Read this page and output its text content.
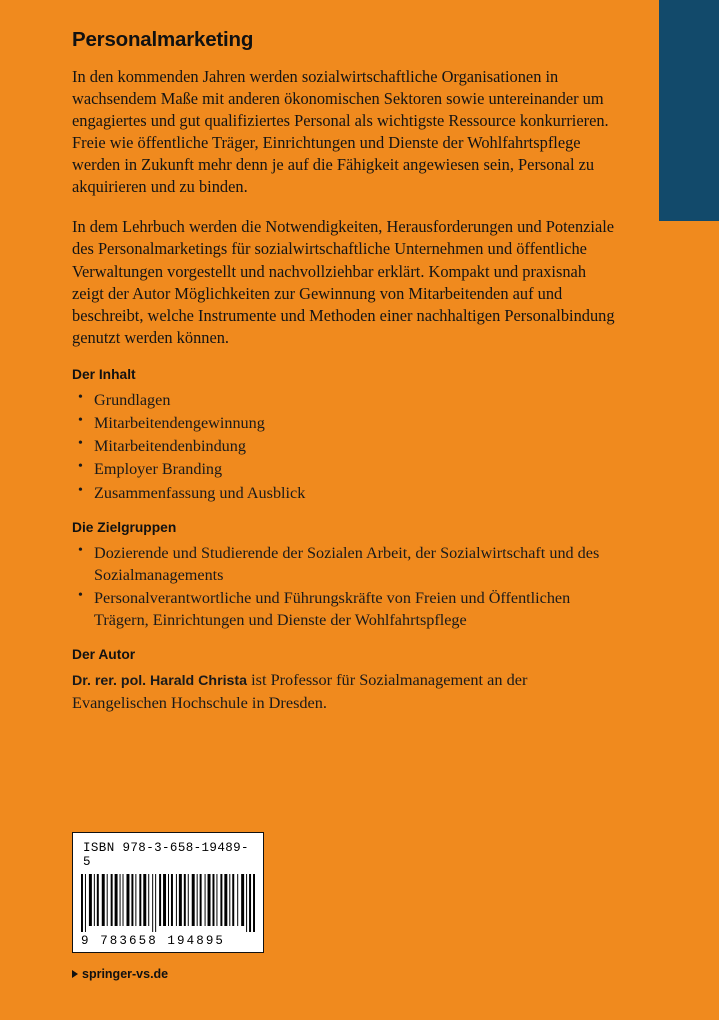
Personalmarketing

In den kommenden Jahren werden sozialwirtschaftliche Organisationen in wachsendem Maße mit anderen ökonomischen Sektoren sowie untereinander um engagiertes und gut qualifiziertes Personal als wichtigste Ressource konkurrieren. Freie wie öffentliche Träger, Einrichtungen und Dienste der Wohlfahrtspflege werden in Zukunft mehr denn je auf die Fähigkeit angewiesen sein, Personal zu akquirieren und zu binden.

In dem Lehrbuch werden die Notwendigkeiten, Herausforderungen und Potenziale des Personalmarketings für sozialwirtschaftliche Unternehmen und öffentliche Verwaltungen vorgestellt und nachvollziehbar erklärt. Kompakt und praxisnah zeigt der Autor Möglichkeiten zur Gewinnung von Mitarbeitenden auf und beschreibt, welche Instrumente und Methoden einer nachhaltigen Personalbindung genutzt werden können.

Der Inhalt
• Grundlagen
• Mitarbeitendengewinnung
• Mitarbeitendenbindung
• Employer Branding
• Zusammenfassung und Ausblick
Die Zielgruppen
• Dozierende und Studierende der Sozialen Arbeit, der Sozialwirtschaft und des Sozialmanagements
• Personalverantwortliche und Führungskräfte von Freien und Öffentlichen Trägern, Einrichtungen und Dienste der Wohlfahrtspflege
Der Autor

Dr. rer. pol. Harald Christa ist Professor für Sozialmanagement an der Evangelischen Hochschule in Dresden.

ISBN 978-3-658-19489-5
9 783658 194895
springer-vs.de
